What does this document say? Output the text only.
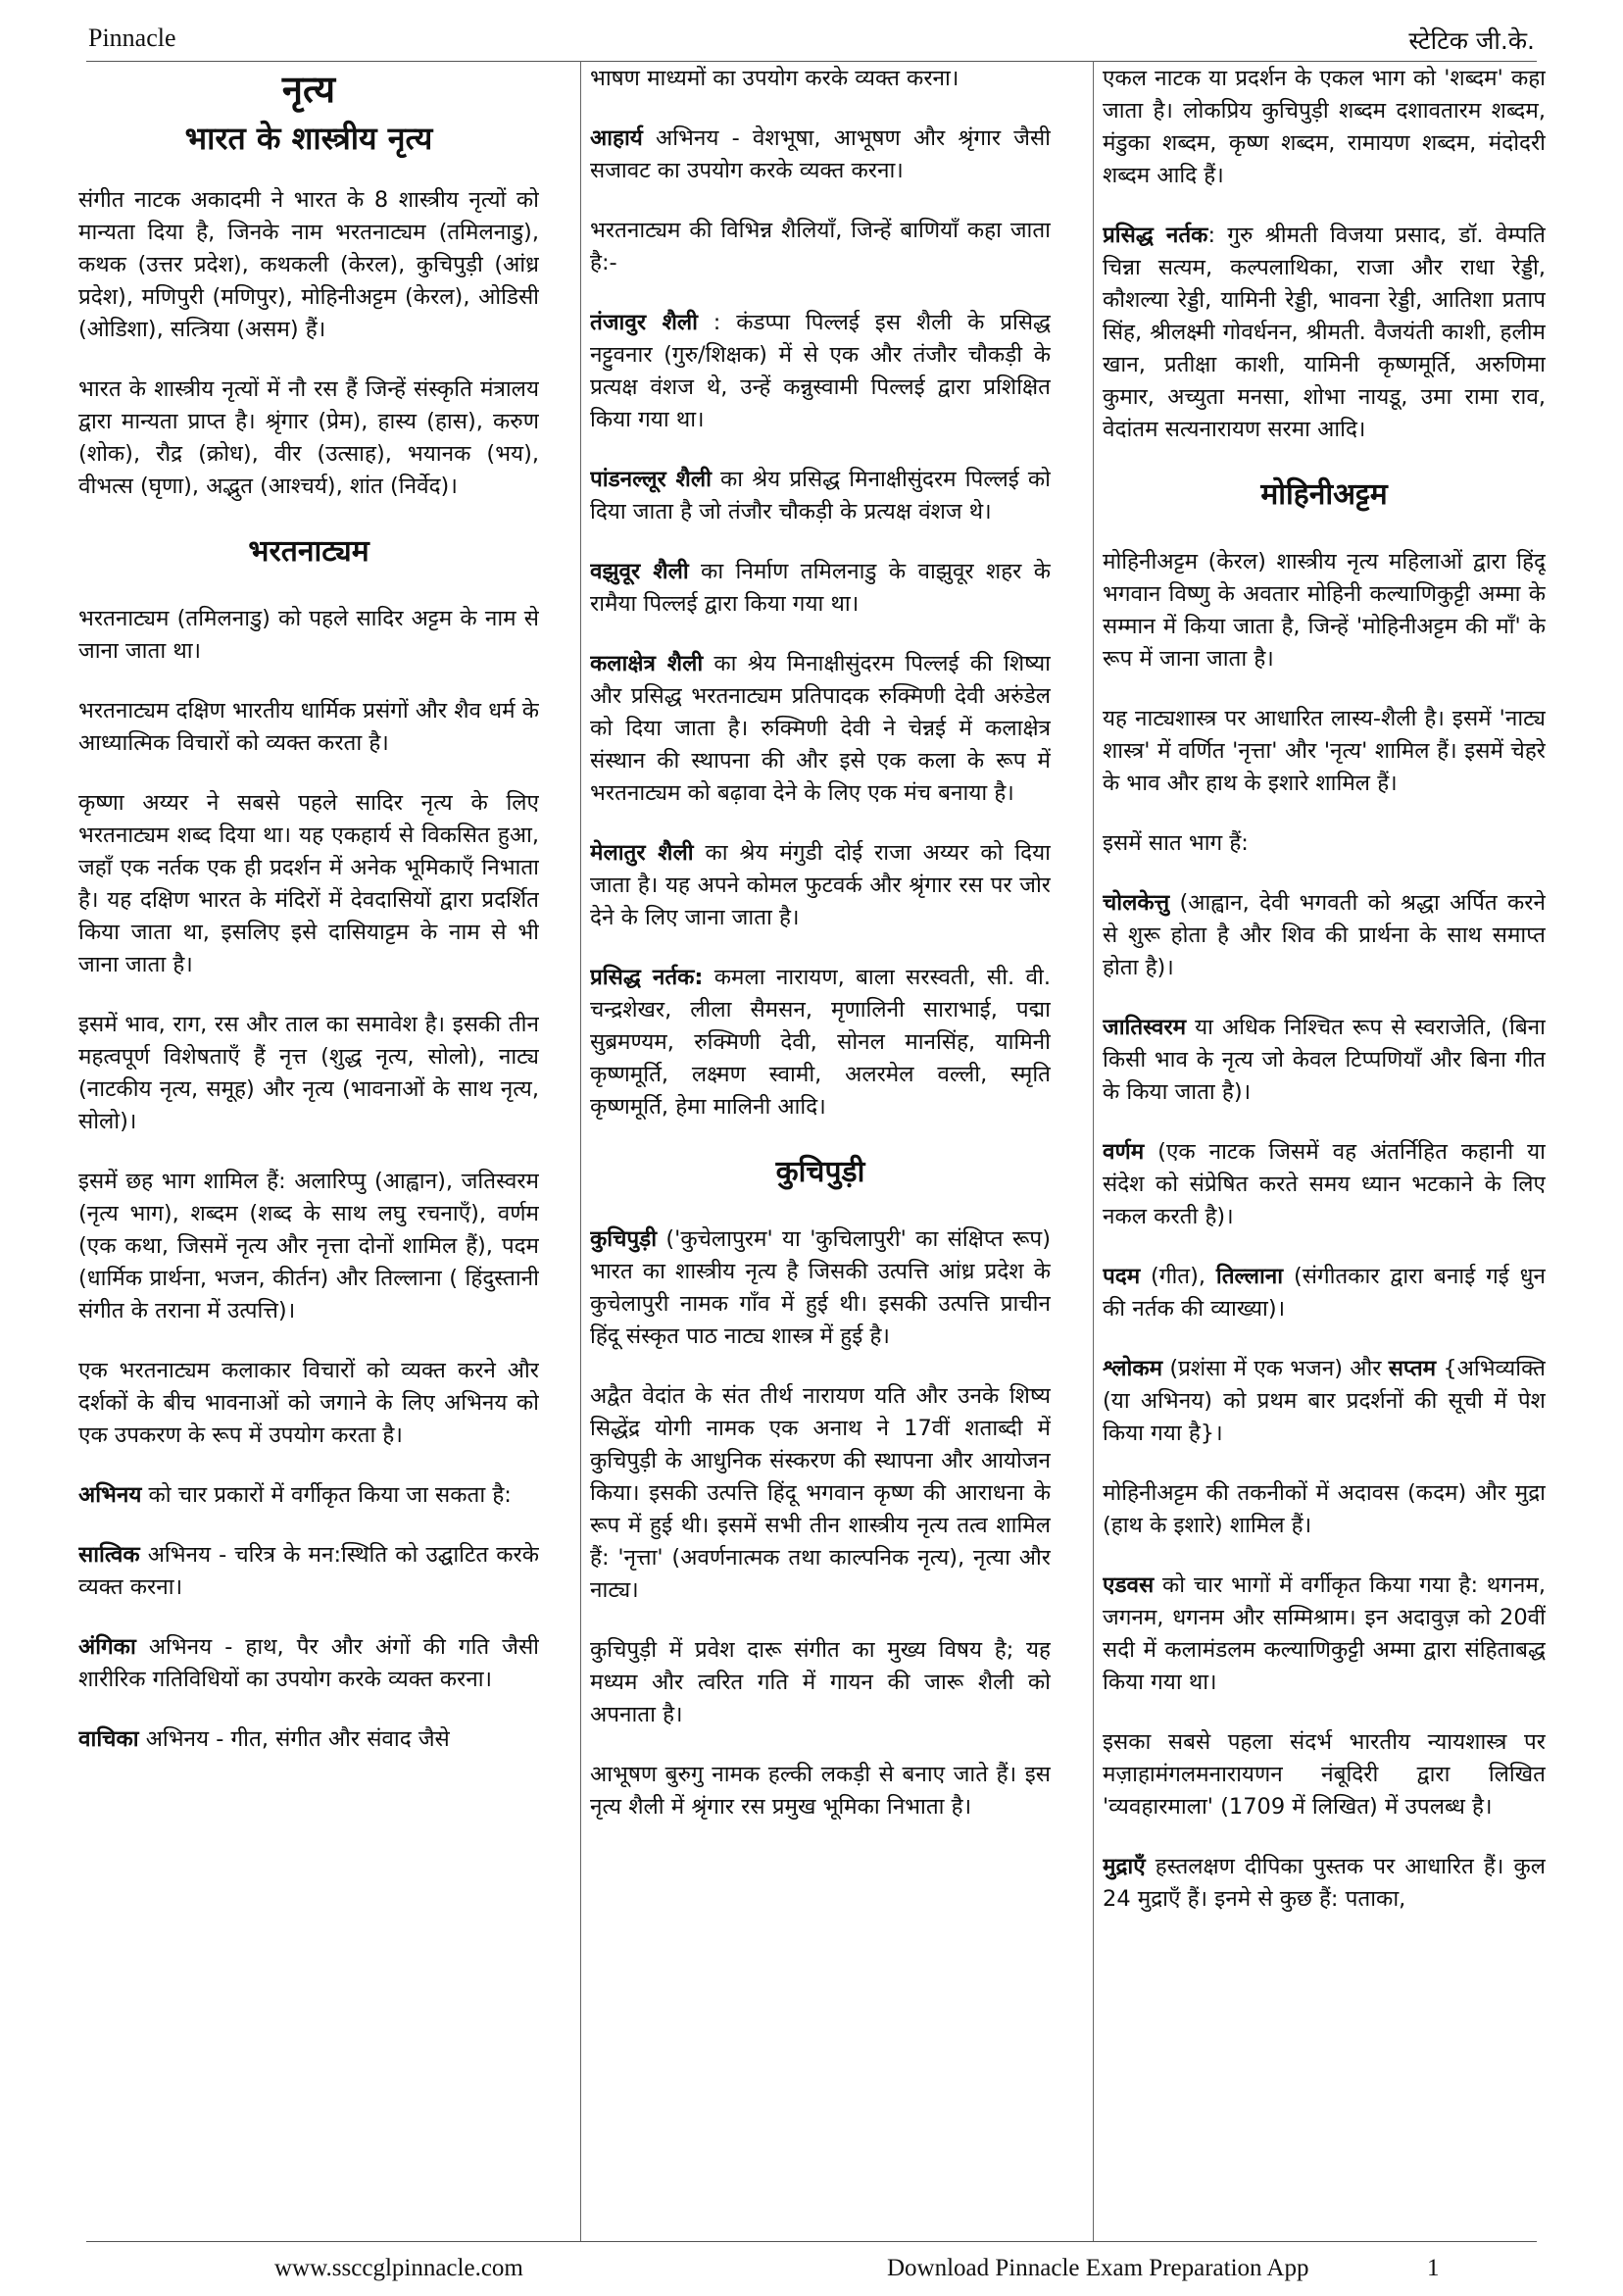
Pinnacle	स्टेटिक जी.के.
नृत्य
भारत के शास्त्रीय नृत्य

संगीत नाटक अकादमी ने भारत के 8 शास्त्रीय नृत्यों को मान्यता दिया है, जिनके नाम भरतनाट्यम (तमिलनाडु), कथक (उत्तर प्रदेश), कथकली (केरल), कुचिपुड़ी (आंध्र प्रदेश), मणिपुरी (मणिपुर), मोहिनीअट्टम (केरल), ओडिसी (ओडिशा), सत्त्रिया (असम) हैं।

भारत के शास्त्रीय नृत्यों में नौ रस हैं जिन्हें संस्कृति मंत्रालय द्वारा मान्यता प्राप्त है। श्रृंगार (प्रेम), हास्य (हास), करुण (शोक), रौद्र (क्रोध), वीर (उत्साह), भयानक (भय), वीभत्स (घृणा), अद्भुत (आश्चर्य), शांत (निर्वेद)।

भरतनाट्यम

भरतनाट्यम (तमिलनाडु) को पहले सादिर अट्टम के नाम से जाना जाता था।

भरतनाट्यम दक्षिण भारतीय धार्मिक प्रसंगों और शैव धर्म के आध्यात्मिक विचारों को व्यक्त करता है।

कृष्णा अय्यर ने सबसे पहले सादिर नृत्य के लिए भरतनाट्यम शब्द दिया था। यह एकहार्य से विकसित हुआ, जहाँ एक नर्तक एक ही प्रदर्शन में अनेक भूमिकाएँ निभाता है। यह दक्षिण भारत के मंदिरों में देवदासियों द्वारा प्रदर्शित किया जाता था, इसलिए इसे दासियाट्टम के नाम से भी जाना जाता है।

इसमें भाव, राग, रस और ताल का समावेश है। इसकी तीन महत्वपूर्ण विशेषताएँ हैं नृत्त (शुद्ध नृत्य, सोलो), नाट्य (नाटकीय नृत्य, समूह) और नृत्य (भावनाओं के साथ नृत्य, सोलो)।

इसमें छह भाग शामिल हैं: अलारिप्पु (आह्वान), जतिस्वरम (नृत्य भाग), शब्दम (शब्द के साथ लघु रचनाएँ), वर्णम (एक कथा, जिसमें नृत्य और नृत्ता दोनों शामिल हैं), पदम (धार्मिक प्रार्थना, भजन, कीर्तन) और तिल्लाना ( हिंदुस्तानी संगीत के तराना में उत्पत्ति)।

एक भरतनाट्यम कलाकार विचारों को व्यक्त करने और दर्शकों के बीच भावनाओं को जगाने के लिए अभिनय को एक उपकरण के रूप में उपयोग करता है।

अभिनय को चार प्रकारों में वर्गीकृत किया जा सकता है:

सात्विक अभिनय - चरित्र के मन:स्थिति को उद्घाटित करके व्यक्त करना।

अंगिका अभिनय - हाथ, पैर और अंगों की गति जैसी शारीरिक गतिविधियों का उपयोग करके व्यक्त करना।

वाचिका अभिनय - गीत, संगीत और संवाद जैसे

भाषण माध्यमों का उपयोग करके व्यक्त करना।

आहार्य अभिनय - वेशभूषा, आभूषण और श्रृंगार जैसी सजावट का उपयोग करके व्यक्त करना।

भरतनाट्यम की विभिन्न शैलियाँ, जिन्हें बाणियाँ कहा जाता है:-

तंजावुर शैली : कंडप्पा पिल्लई इस शैली के प्रसिद्ध नट्टुवनार (गुरु/शिक्षक) में से एक और तंजौर चौकड़ी के प्रत्यक्ष वंशज थे, उन्हें कन्नुस्वामी पिल्लई द्वारा प्रशिक्षित किया गया था।

पांडनल्लूर शैली का श्रेय प्रसिद्ध मिनाक्षीसुंदरम पिल्लई को दिया जाता है जो तंजौर चौकड़ी के प्रत्यक्ष वंशज थे।

वझुवूर शैली का निर्माण तमिलनाडु के वाझुवूर शहर के रामैया पिल्लई द्वारा किया गया था।

कलाक्षेत्र शैली का श्रेय मिनाक्षीसुंदरम पिल्लई की शिष्या और प्रसिद्ध भरतनाट्यम प्रतिपादक रुक्मिणी देवी अरुंडेल को दिया जाता है। रुक्मिणी देवी ने चेन्नई में कलाक्षेत्र संस्थान की स्थापना की और इसे एक कला के रूप में भरतनाट्यम को बढ़ावा देने के लिए एक मंच बनाया है।

मेलातुर शैली का श्रेय मंगुडी दोई राजा अय्यर को दिया जाता है। यह अपने कोमल फुटवर्क और श्रृंगार रस पर जोर देने के लिए जाना जाता है।

प्रसिद्ध नर्तक: कमला नारायण, बाला सरस्वती, सी. वी. चन्द्रशेखर, लीला सैमसन, मृणालिनी साराभाई, पद्मा सुब्रमण्यम, रुक्मिणी देवी, सोनल मानसिंह, यामिनी कृष्णमूर्ति, लक्ष्मण स्वामी, अलरमेल वल्ली, स्मृति कृष्णमूर्ति, हेमा मालिनी आदि।

कुचिपुड़ी

कुचिपुड़ी ('कुचेलापुरम' या 'कुचिलापुरी' का संक्षिप्त रूप) भारत का शास्त्रीय नृत्य है जिसकी उत्पत्ति आंध्र प्रदेश के कुचेलापुरी नामक गाँव में हुई थी। इसकी उत्पत्ति प्राचीन हिंदू संस्कृत पाठ नाट्य शास्त्र में हुई है।

अद्वैत वेदांत के संत तीर्थ नारायण यति और उनके शिष्य सिद्धेंद्र योगी नामक एक अनाथ ने 17वीं शताब्दी में कुचिपुड़ी के आधुनिक संस्करण की स्थापना और आयोजन किया। इसकी उत्पत्ति हिंदू भगवान कृष्ण की आराधना के रूप में हुई थी। इसमें सभी तीन शास्त्रीय नृत्य तत्व शामिल हैं: 'नृत्ता' (अवर्णनात्मक तथा काल्पनिक नृत्य), नृत्या और नाट्य।

कुचिपुड़ी में प्रवेश दारू संगीत का मुख्य विषय है; यह मध्यम और त्वरित गति में गायन की जारू शैली को अपनाता है।

आभूषण बुरुगु नामक हल्की लकड़ी से बनाए जाते हैं। इस नृत्य शैली में श्रृंगार रस प्रमुख भूमिका निभाता है।

एकल नाटक या प्रदर्शन के एकल भाग को 'शब्दम' कहा जाता है। लोकप्रिय कुचिपुड़ी शब्दम दशावतारम शब्दम, मंडुका शब्दम, कृष्ण शब्दम, रामायण शब्दम, मंदोदरी शब्दम आदि हैं।

प्रसिद्ध नर्तक: गुरु श्रीमती विजया प्रसाद, डॉ. वेम्पति चिन्ना सत्यम, कल्पलाथिका, राजा और राधा रेड्डी, कौशल्या रेड्डी, यामिनी रेड्डी, भावना रेड्डी, आतिशा प्रताप सिंह, श्रीलक्ष्मी गोवर्धनन, श्रीमती. वैजयंती काशी, हलीम खान, प्रतीक्षा काशी, यामिनी कृष्णमूर्ति, अरुणिमा कुमार, अच्युता मनसा, शोभा नायडू, उमा रामा राव, वेदांतम सत्यनारायण सरमा आदि।

मोहिनीअट्टम

मोहिनीअट्टम (केरल) शास्त्रीय नृत्य महिलाओं द्वारा हिंदू भगवान विष्णु के अवतार मोहिनी कल्याणिकुट्टी अम्मा के सम्मान में किया जाता है, जिन्हें 'मोहिनीअट्टम की माँ' के रूप में जाना जाता है।

यह नाट्यशास्त्र पर आधारित लास्य-शैली है। इसमें 'नाट्य शास्त्र' में वर्णित 'नृत्ता' और 'नृत्य' शामिल हैं। इसमें चेहरे के भाव और हाथ के इशारे शामिल हैं।

इसमें सात भाग हैं:

चोलकेत्तु (आह्वान, देवी भगवती को श्रद्धा अर्पित करने से शुरू होता है और शिव की प्रार्थना के साथ समाप्त होता है)।

जातिस्वरम या अधिक निश्चित रूप से स्वराजेति, (बिना किसी भाव के नृत्य जो केवल टिप्पणियाँ और बिना गीत के किया जाता है)।

वर्णम (एक नाटक जिसमें वह अंतर्निहित कहानी या संदेश को संप्रेषित करते समय ध्यान भटकाने के लिए नकल करती है)।

पदम (गीत), तिल्लाना (संगीतकार द्वारा बनाई गई धुन की नर्तक की व्याख्या)।

श्लोकम (प्रशंसा में एक भजन) और सप्तम {अभिव्यक्ति (या अभिनय) को प्रथम बार प्रदर्शनों की सूची में पेश किया गया है}।

मोहिनीअट्टम की तकनीकों में अदावस (कदम) और मुद्रा (हाथ के इशारे) शामिल हैं।

एडवस को चार भागों में वर्गीकृत किया गया है: थगनम, जगनम, धगनम और सम्मिश्राम। इन अदावुज़ को 20वीं सदी में कलामंडलम कल्याणिकुट्टी अम्मा द्वारा संहिताबद्ध किया गया था।

इसका सबसे पहला संदर्भ भारतीय न्यायशास्त्र पर मज़ाहामंगलमनारायणन नंबूदिरी द्वारा लिखित 'व्यवहारमाला' (1709 में लिखित) में उपलब्ध है।

मुद्राएँ हस्तलक्षण दीपिका पुस्तक पर आधारित हैं। कुल 24 मुद्राएँ हैं। इनमे से कुछ हैं: पताका,

www.ssccglpinnacle.com	Download Pinnacle Exam Preparation App	1
